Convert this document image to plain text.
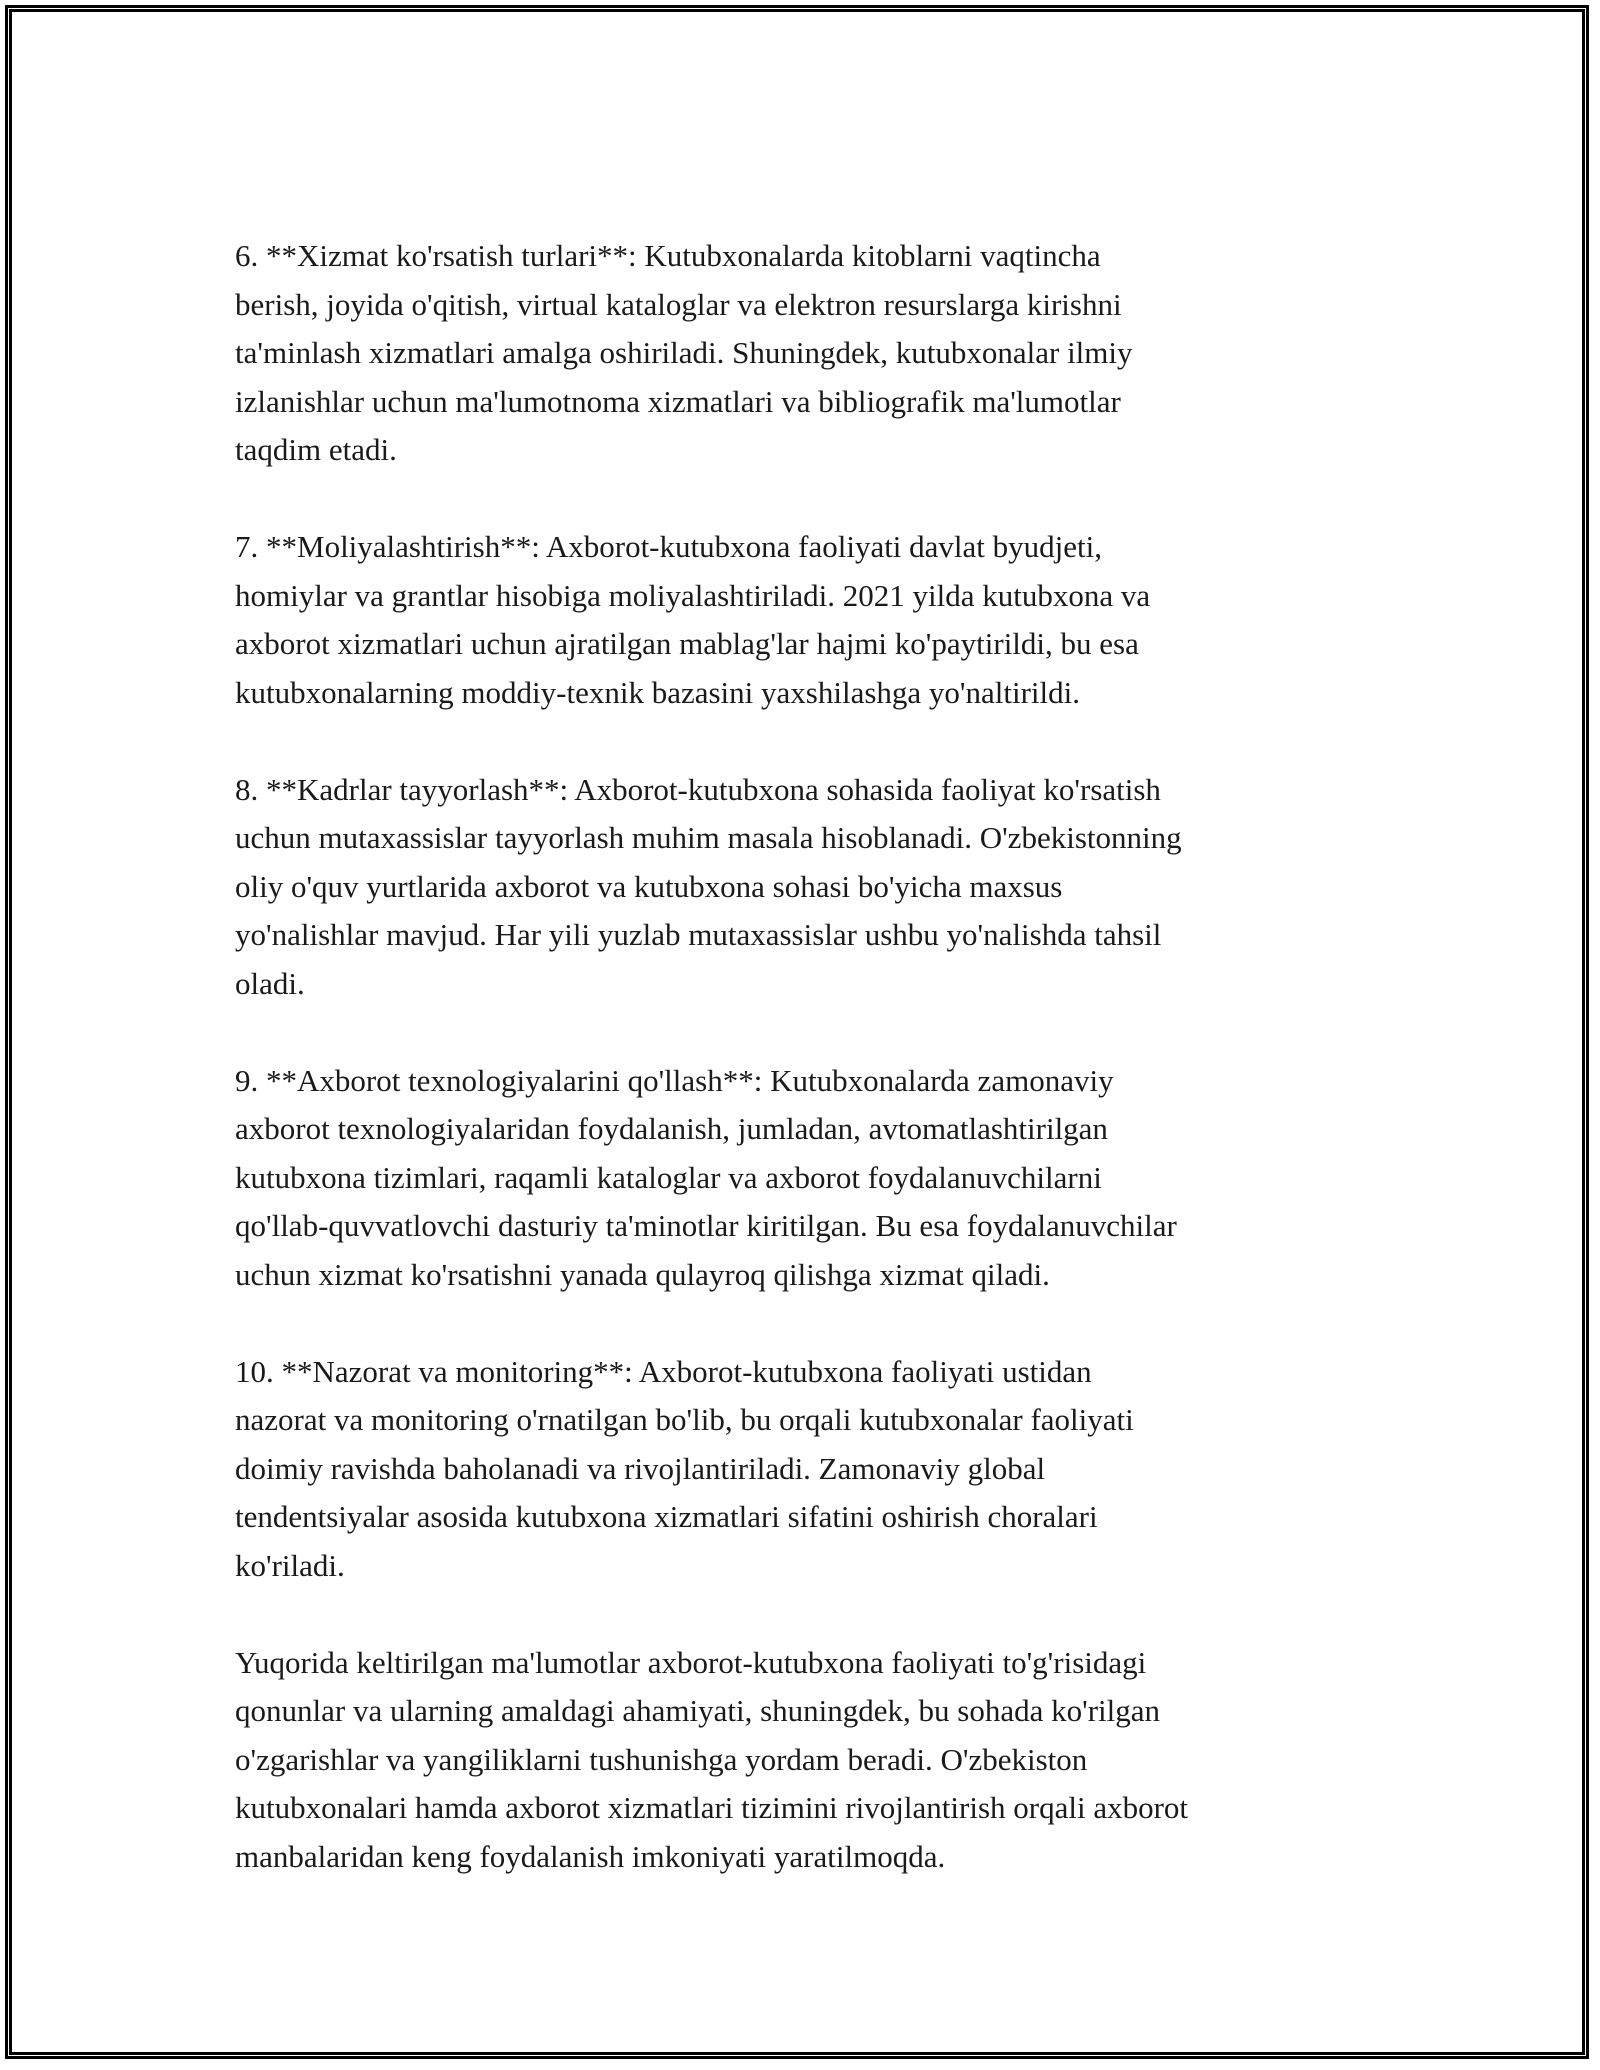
6. **Xizmat ko'rsatish turlari**: Kutubxonalarda kitoblarni vaqtincha
berish, joyida o'qitish, virtual kataloglar va elektron resurslarga kirishni
ta'minlash xizmatlari amalga oshiriladi. Shuningdek, kutubxonalar ilmiy
izlanishlar uchun ma'lumotnoma xizmatlari va bibliografik ma'lumotlar
taqdim etadi.

7. **Moliyalashtirish**: Axborot-kutubxona faoliyati davlat byudjeti,
homiylar va grantlar hisobiga moliyalashtiriladi. 2021 yilda kutubxona va
axborot xizmatlari uchun ajratilgan mablag'lar hajmi ko'paytirildi, bu esa
kutubxonalarning moddiy-texnik bazasini yaxshilashga yo'naltirildi.

8. **Kadrlar tayyorlash**: Axborot-kutubxona sohasida faoliyat ko'rsatish
uchun mutaxassislar tayyorlash muhim masala hisoblanadi. O'zbekistonning
oliy o'quv yurtlarida axborot va kutubxona sohasi bo'yicha maxsus
yo'nalishlar mavjud. Har yili yuzlab mutaxassislar ushbu yo'nalishda tahsil
oladi.

9. **Axborot texnologiyalarini qo'llash**: Kutubxonalarda zamonaviy
axborot texnologiyalaridan foydalanish, jumladan, avtomatlashtirilgan
kutubxona tizimlari, raqamli kataloglar va axborot foydalanuvchilarni
qo'llab-quvvatlovchi dasturiy ta'minotlar kiritilgan. Bu esa foydalanuvchilar
uchun xizmat ko'rsatishni yanada qulayroq qilishga xizmat qiladi.

10. **Nazorat va monitoring**: Axborot-kutubxona faoliyati ustidan
nazorat va monitoring o'rnatilgan bo'lib, bu orqali kutubxonalar faoliyati
doimiy ravishda baholanadi va rivojlantiriladi. Zamonaviy global
tendentsiyalar asosida kutubxona xizmatlari sifatini oshirish choralari
ko'riladi.

Yuqorida keltirilgan ma'lumotlar axborot-kutubxona faoliyati to'g'risidagi
qonunlar va ularning amaldagi ahamiyati, shuningdek, bu sohada ko'rilgan
o'zgarishlar va yangiliklarni tushunishga yordam beradi. O'zbekiston
kutubxonalari hamda axborot xizmatlari tizimini rivojlantirish orqali axborot
manbalaridan keng foydalanish imkoniyati yaratilmoqda.
